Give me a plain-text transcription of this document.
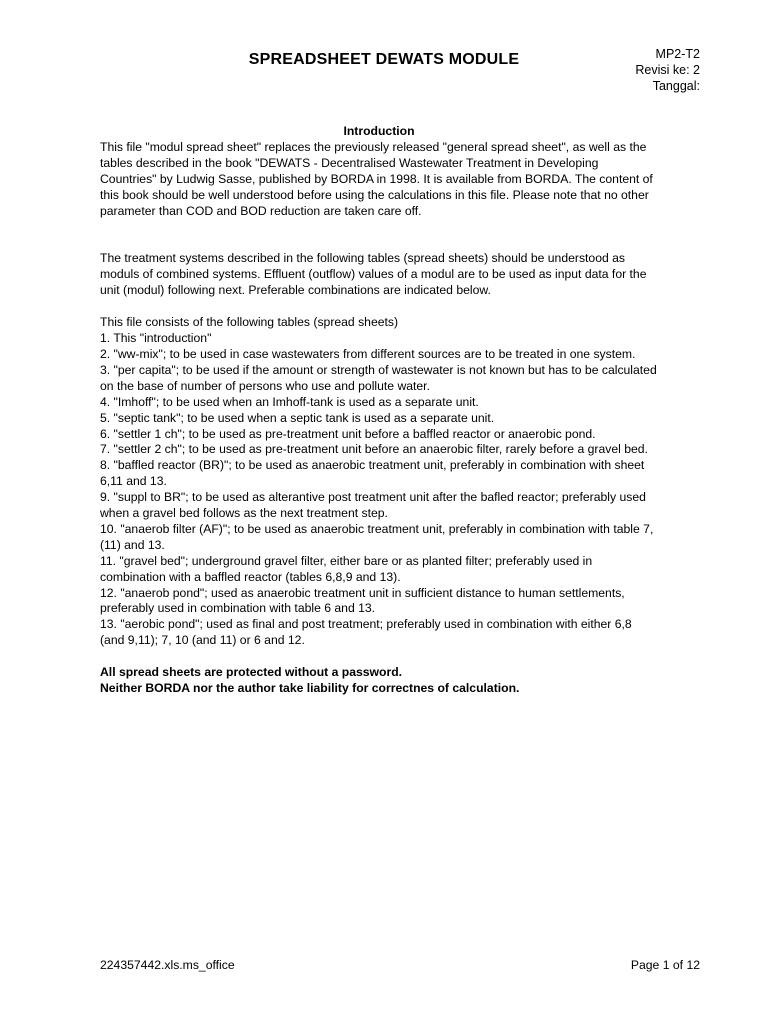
SPREADSHEET DEWATS MODULE	MP2-T2
Revisi ke: 2
Tanggal:

Introduction

This file "modul spread sheet" replaces the previously released "general spread sheet", as well as the tables described in the book "DEWATS - Decentralised Wastewater Treatment in Developing Countries" by Ludwig Sasse, published by BORDA in 1998. It is available from BORDA. The content of this book should be well understood before using the calculations in this file. Please note that no other parameter than COD and BOD reduction are taken care off.

The treatment systems described in the following tables (spread sheets) should be understood as moduls of combined systems. Effluent (outflow) values of a modul are to be used as input data for the unit (modul) following next. Preferable combinations are indicated below.

This file consists of the following tables (spread sheets)

1. This "introduction"

2. "ww-mix"; to be used in case wastewaters from different sources are to be treated in one system.

3. "per capita"; to be used if the amount or strength of wastewater is not known but has to be calculated on the base of number of persons who use and pollute water.

4. "Imhoff"; to be used when an Imhoff-tank is used as a separate unit.

5. "septic tank"; to be used when a septic tank is used as a separate unit.

6. "settler 1 ch"; to be used as pre-treatment unit before a baffled reactor or anaerobic pond.

7. "settler 2 ch"; to be used as pre-treatment unit before an anaerobic filter, rarely before a gravel bed.

8. "baffled reactor (BR)"; to be used as anaerobic treatment unit, preferably in combination with sheet 6,11 and 13.

9. "suppl to BR"; to be used as alterantive post treatment unit after the bafled reactor; preferably used when a gravel bed follows as the next treatment step.

10. "anaerob filter (AF)"; to be used as anaerobic treatment unit, preferably in combination with table 7,(11) and 13.

11. "gravel bed"; underground gravel filter, either bare or as planted filter; preferably used in combination with a baffled reactor (tables 6,8,9 and 13).

12. "anaerob pond"; used as anaerobic treatment unit in sufficient distance to human settlements, preferably used in combination with table 6 and 13.

13. "aerobic pond"; used as final and post treatment; preferably used in combination with either 6,8 (and 9,11); 7, 10 (and 11) or 6 and 12.

All spread sheets are protected without a password.

Neither BORDA nor the author take liability for correctnes of calculation.

224357442.xls.ms_office	Page 1 of 12
